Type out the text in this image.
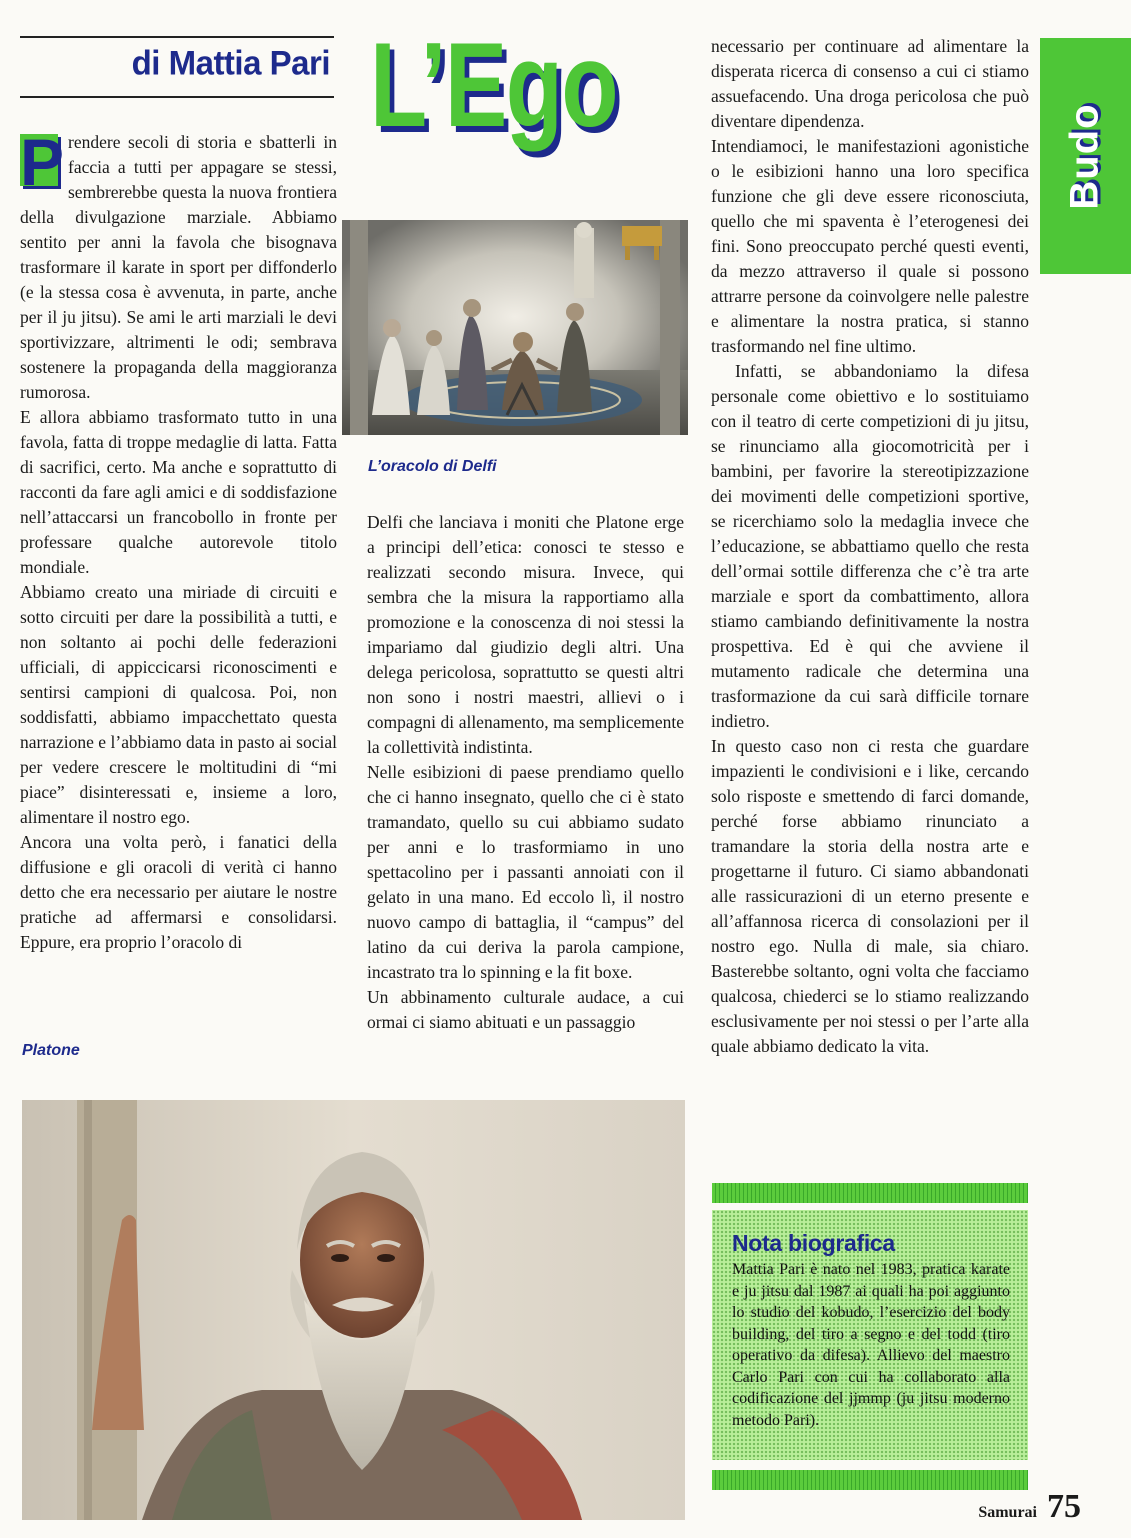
di Mattia Pari L’Ego
Budo

P rendere secoli di storia e sbatterli in faccia a tutti per appagare se stessi, sembrerebbe questa la nuova frontiera della divulgazione marziale. Abbiamo sentito per anni la favola che bisognava trasformare il karate in sport per diffonderlo (e la stessa cosa è avvenuta, in parte, anche per il ju jitsu). Se ami le arti marziali le devi sportivizzare, altrimenti le odi; sembrava sostenere la propaganda della maggioranza rumorosa.

E allora abbiamo trasformato tutto in una favola, fatta di troppe medaglie di latta. Fatta di sacrifici, certo. Ma anche e soprattutto di racconti da fare agli amici e di soddisfazione nell’attaccarsi un francobollo in fronte per professare qualche autorevole titolo mondiale.

Abbiamo creato una miriade di circuiti e sotto circuiti per dare la possibilità a tutti, e non soltanto ai pochi delle federazioni ufficiali, di appiccicarsi riconoscimenti e sentirsi campioni di qualcosa. Poi, non soddisfatti, abbiamo impacchettato questa narrazione e l’abbiamo data in pasto ai social per vedere crescere le moltitudini di “mi piace” disinteressati e, insieme a loro, alimentare il nostro ego.

Ancora una volta però, i fanatici della diffusione e gli oracoli di verità ci hanno detto che era necessario per aiutare le nostre pratiche ad affermarsi e consolidarsi. Eppure, era proprio l’oracolo di

Platone
L’oracolo di Delfi

Delfi che lanciava i moniti che Platone erge a principi dell’etica: conosci te stesso e realizzati secondo misura. Invece, qui sembra che la misura la rapportiamo alla promozione e la conoscenza di noi stessi la impariamo dal giudizio degli altri. Una delega pericolosa, soprattutto se questi altri non sono i nostri maestri, allievi o i compagni di allenamento, ma semplicemente la collettività indistinta.

Nelle esibizioni di paese prendiamo quello che ci hanno insegnato, quello che ci è stato tramandato, quello su cui abbiamo sudato per anni e lo trasformiamo in uno spettacolino per i passanti annoiati con il gelato in una mano. Ed eccolo lì, il nostro nuovo campo di battaglia, il “campus” del latino da cui deriva la parola campione, incastrato tra lo spinning e la fit boxe.

Un abbinamento culturale audace, a cui ormai ci siamo abituati e un passaggio

necessario per continuare ad alimentare la disperata ricerca di consenso a cui ci stiamo assuefacendo. Una droga pericolosa che può diventare dipendenza.

Intendiamoci, le manifestazioni agonistiche o le esibizioni hanno una loro specifica funzione che gli deve essere riconosciuta, quello che mi spaventa è l’eterogenesi dei fini. Sono preoccupato perché questi eventi, da mezzo attraverso il quale si possono attrarre persone da coinvolgere nelle palestre e alimentare la nostra pratica, si stanno trasformando nel fine ultimo.

Infatti, se abbandoniamo la difesa personale come obiettivo e lo sostituiamo con il teatro di certe competizioni di ju jitsu, se rinunciamo alla giocomotricità per i bambini, per favorire la stereotipizzazione dei movimenti delle competizioni sportive, se ricerchiamo solo la medaglia invece che l’educazione, se abbattiamo quello che resta dell’ormai sottile differenza che c’è tra arte marziale e sport da combattimento, allora stiamo cambiando definitivamente la nostra prospettiva. Ed è qui che avviene il mutamento radicale che determina una trasformazione da cui sarà difficile tornare indietro.

In questo caso non ci resta che guardare impazienti le condivisioni e i like, cercando solo risposte e smettendo di farci domande, perché forse abbiamo rinunciato a tramandare la storia della nostra arte e progettarne il futuro. Ci siamo abbandonati alle rassicurazioni di un eterno presente e all’affannosa ricerca di consolazioni per il nostro ego. Nulla di male, sia chiaro. Basterebbe soltanto, ogni volta che facciamo qualcosa, chiederci se lo stiamo realizzando esclusivamente per noi stessi o per l’arte alla quale abbiamo dedicato la vita.

Nota biografica
Mattia Pari è nato nel 1983, pratica karate e ju jitsu dal 1987 ai quali ha poi aggiunto lo studio del kobudo, l’esercizio del body building, del tiro a segno e del todd (tiro operativo da difesa). Allievo del maestro Carlo Pari con cui ha collaborato alla codificazione del jjmmp (ju jitsu moderno metodo Pari).
Samurai 75
